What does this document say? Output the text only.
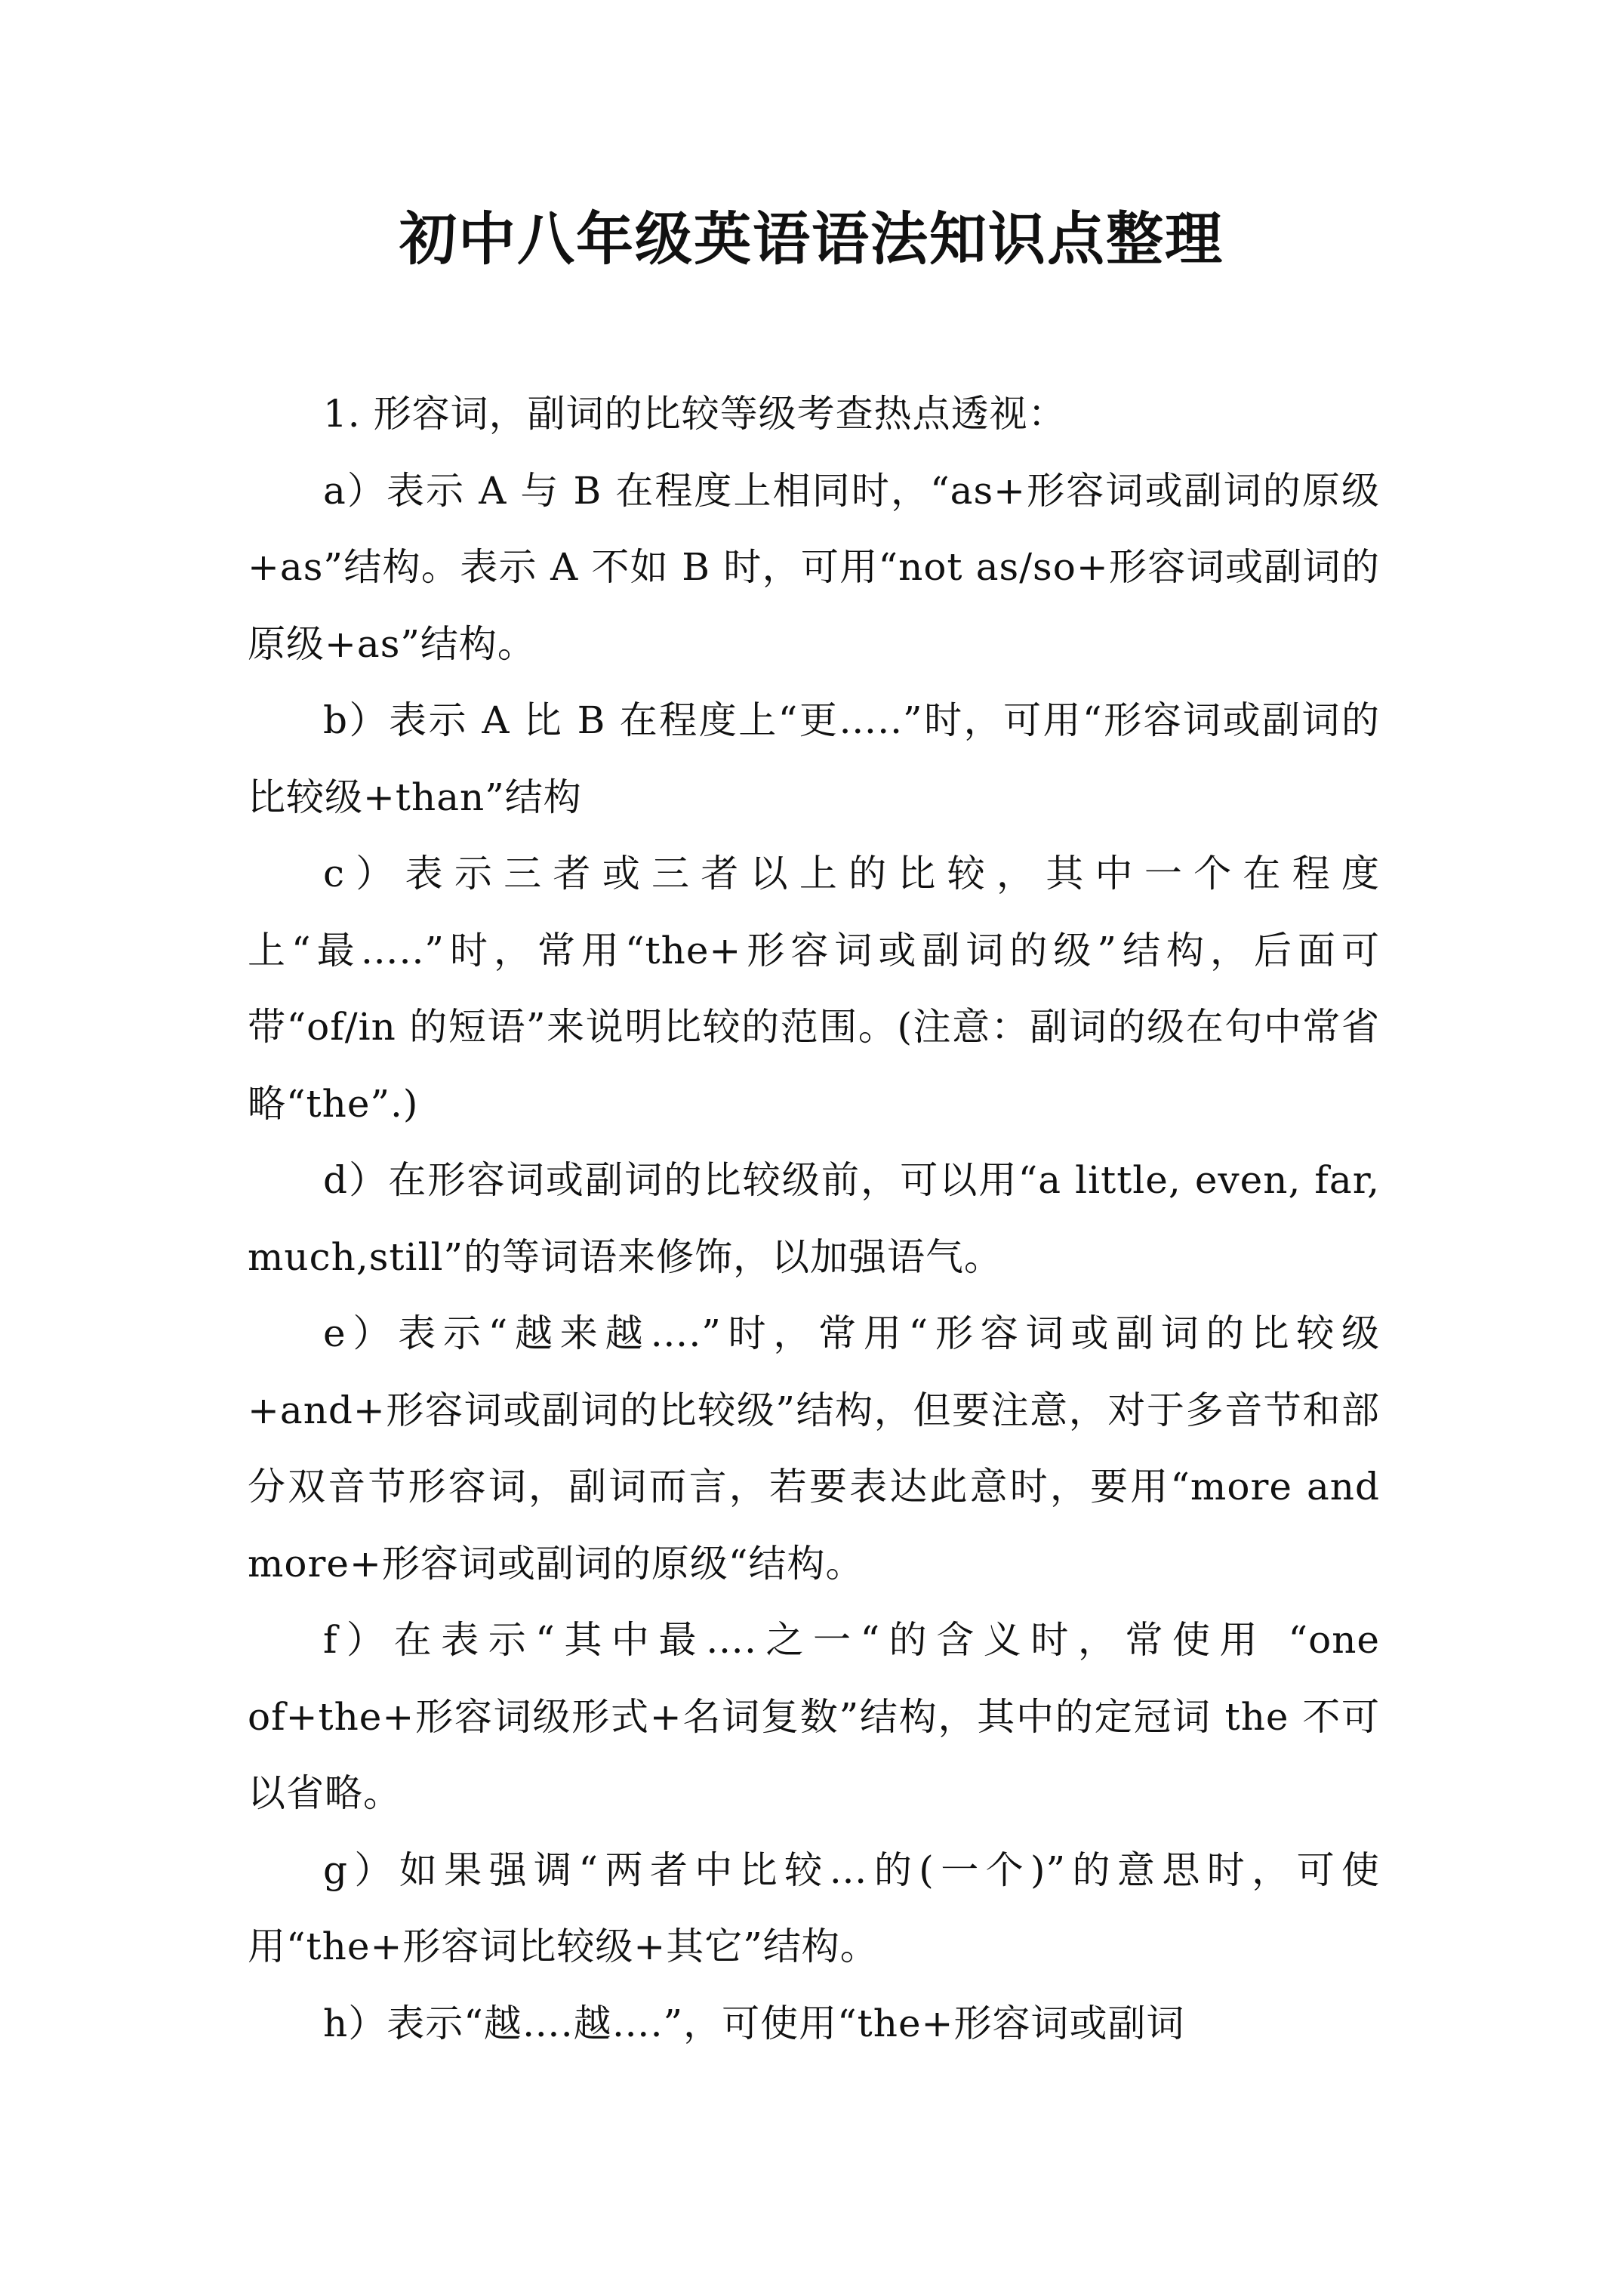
初中八年级英语语法知识点整理

1. 形容词，副词的比较等级考查热点透视：

a）表示 A 与 B 在程度上相同时，“as+形容词或副词的原级+as”结构。表示 A 不如 B 时，可用“not as/so+形容词或副词的原级+as”结构。

b）表示 A 比 B 在程度上“更…..”时，可用“形容词或副词的比较级+than”结构

c）表示三者或三者以上的比较，其中一个在程度上“最…..”时，常用“the+形容词或副词的级”结构，后面可带“of/in 的短语”来说明比较的范围。(注意：副词的级在句中常省略“the”.)

d）在形容词或副词的比较级前，可以用“a little, even, far, much,still”的等词语来修饰，以加强语气。

e）表示“越来越….”时，常用“形容词或副词的比较级+and+形容词或副词的比较级”结构，但要注意，对于多音节和部分双音节形容词，副词而言，若要表达此意时，要用“more and more+形容词或副词的原级“结构。

f）在表示“其中最….之一“的含义时，常使用 “one of+the+形容词级形式+名词复数”结构，其中的定冠词 the 不可以省略。

g）如果强调“两者中比较…的(一个)”的意思时，可使用“the+形容词比较级+其它”结构。

h）表示“越….越….”，可使用“the+形容词或副词
